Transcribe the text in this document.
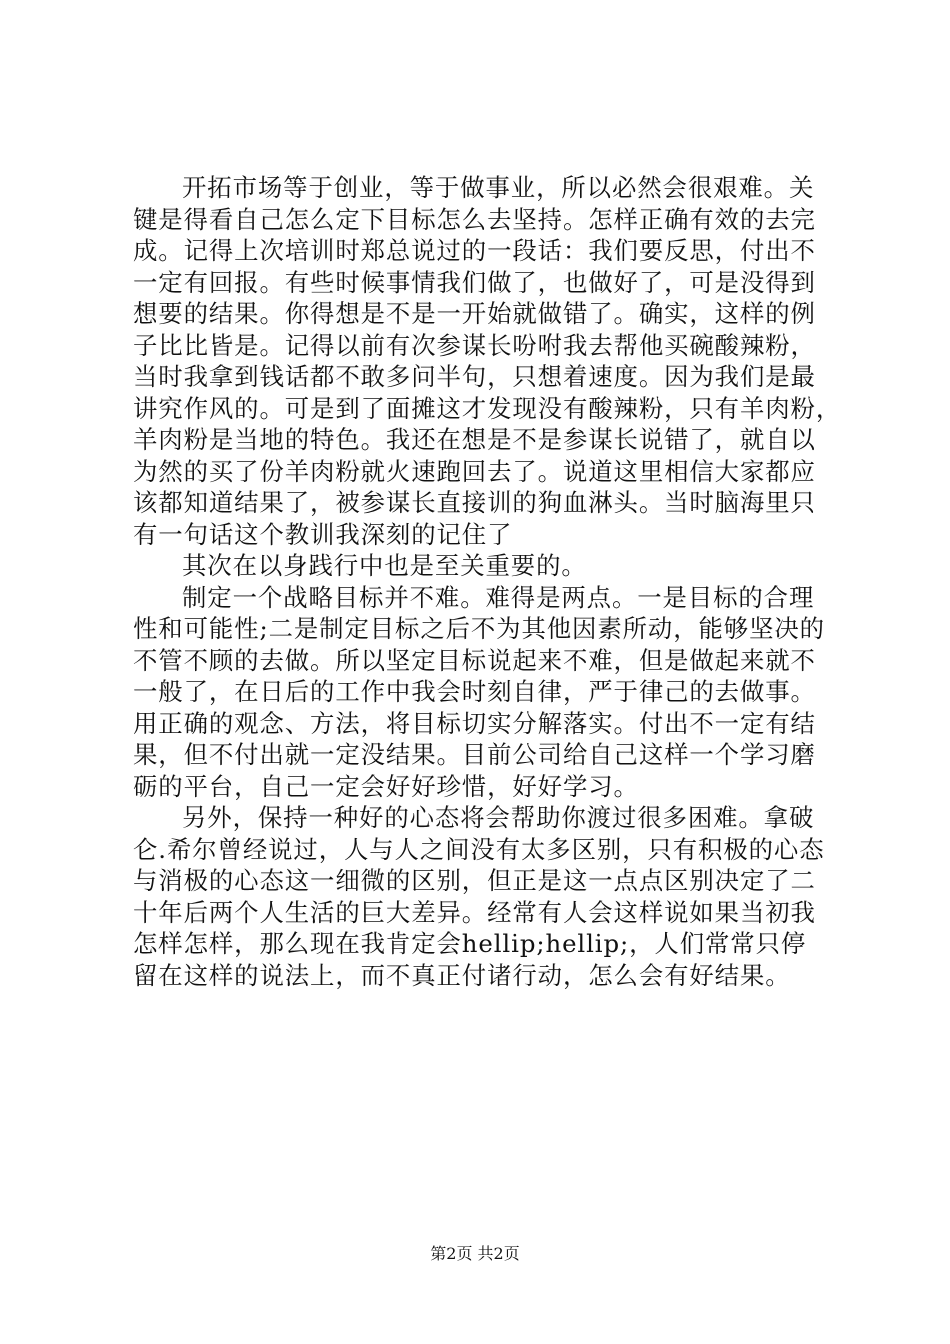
开拓市场等于创业，等于做事业，所以必然会很艰难。关

键是得看自己怎么定下目标怎么去坚持。怎样正确有效的去完

成。记得上次培训时郑总说过的一段话：我们要反思，付出不

一定有回报。有些时候事情我们做了，也做好了，可是没得到

想要的结果。你得想是不是一开始就做错了。确实，这样的例

子比比皆是。记得以前有次参谋长吩咐我去帮他买碗酸辣粉，

当时我拿到钱话都不敢多问半句，只想着速度。因为我们是最

讲究作风的。可是到了面摊这才发现没有酸辣粉，只有羊肉粉，

羊肉粉是当地的特色。我还在想是不是参谋长说错了，就自以

为然的买了份羊肉粉就火速跑回去了。说道这里相信大家都应

该都知道结果了，被参谋长直接训的狗血淋头。当时脑海里只

有一句话这个教训我深刻的记住了

其次在以身践行中也是至关重要的。

制定一个战略目标并不难。难得是两点。一是目标的合理

性和可能性;二是制定目标之后不为其他因素所动，能够坚决的

不管不顾的去做。所以坚定目标说起来不难，但是做起来就不

一般了，在日后的工作中我会时刻自律，严于律己的去做事。

用正确的观念、方法，将目标切实分解落实。付出不一定有结

果，但不付出就一定没结果。目前公司给自己这样一个学习磨

砺的平台，自己一定会好好珍惜，好好学习。

另外，保持一种好的心态将会帮助你渡过很多困难。拿破

仑.希尔曾经说过，人与人之间没有太多区别，只有积极的心态

与消极的心态这一细微的区别，但正是这一点点区别决定了二

十年后两个人生活的巨大差异。经常有人会这样说如果当初我

怎样怎样，那么现在我肯定会hellip;hellip;，人们常常只停

留在这样的说法上，而不真正付诸行动，怎么会有好结果。

第2页 共2页
